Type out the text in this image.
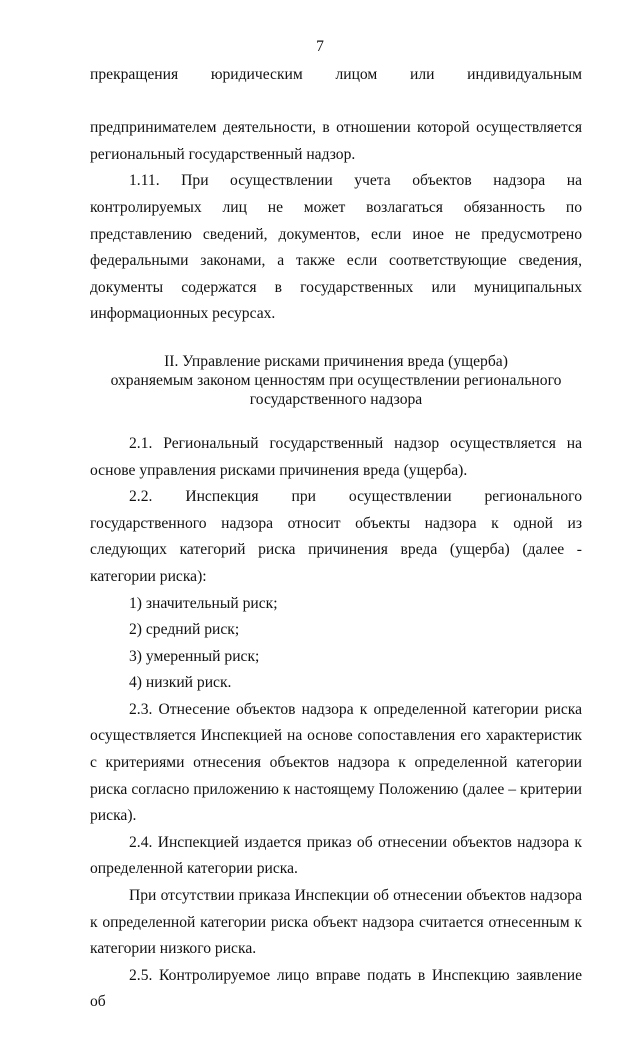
7

прекращения юридическим лицом или индивидуальным

предпринимателем деятельности, в отношении которой осуществляется региональный государственный надзор.

1.11. При осуществлении учета объектов надзора на контролируемых лиц не может возлагаться обязанность по представлению сведений, документов, если иное не предусмотрено федеральными законами, а также если соответствующие сведения, документы содержатся в государственных или муниципальных информационных ресурсах.

II. Управление рисками причинения вреда (ущерба)
охраняемым законом ценностям при осуществлении регионального
государственного надзора

2.1. Региональный государственный надзор осуществляется на основе управления рисками причинения вреда (ущерба).

2.2. Инспекция при осуществлении регионального государственного надзора относит объекты надзора к одной из следующих категорий риска причинения вреда (ущерба) (далее - категории риска):

1) значительный риск;

2) средний риск;

3) умеренный риск;

4) низкий риск.

2.3. Отнесение объектов надзора к определенной категории риска осуществляется Инспекцией на основе сопоставления его характеристик с критериями отнесения объектов надзора к определенной категории риска согласно приложению к настоящему Положению (далее – критерии риска).

2.4. Инспекцией издается приказ об отнесении объектов надзора к определенной категории риска.

При отсутствии приказа Инспекции об отнесении объектов надзора к определенной категории риска объект надзора считается отнесенным к категории низкого риска.

2.5. Контролируемое лицо вправе подать в Инспекцию заявление об
